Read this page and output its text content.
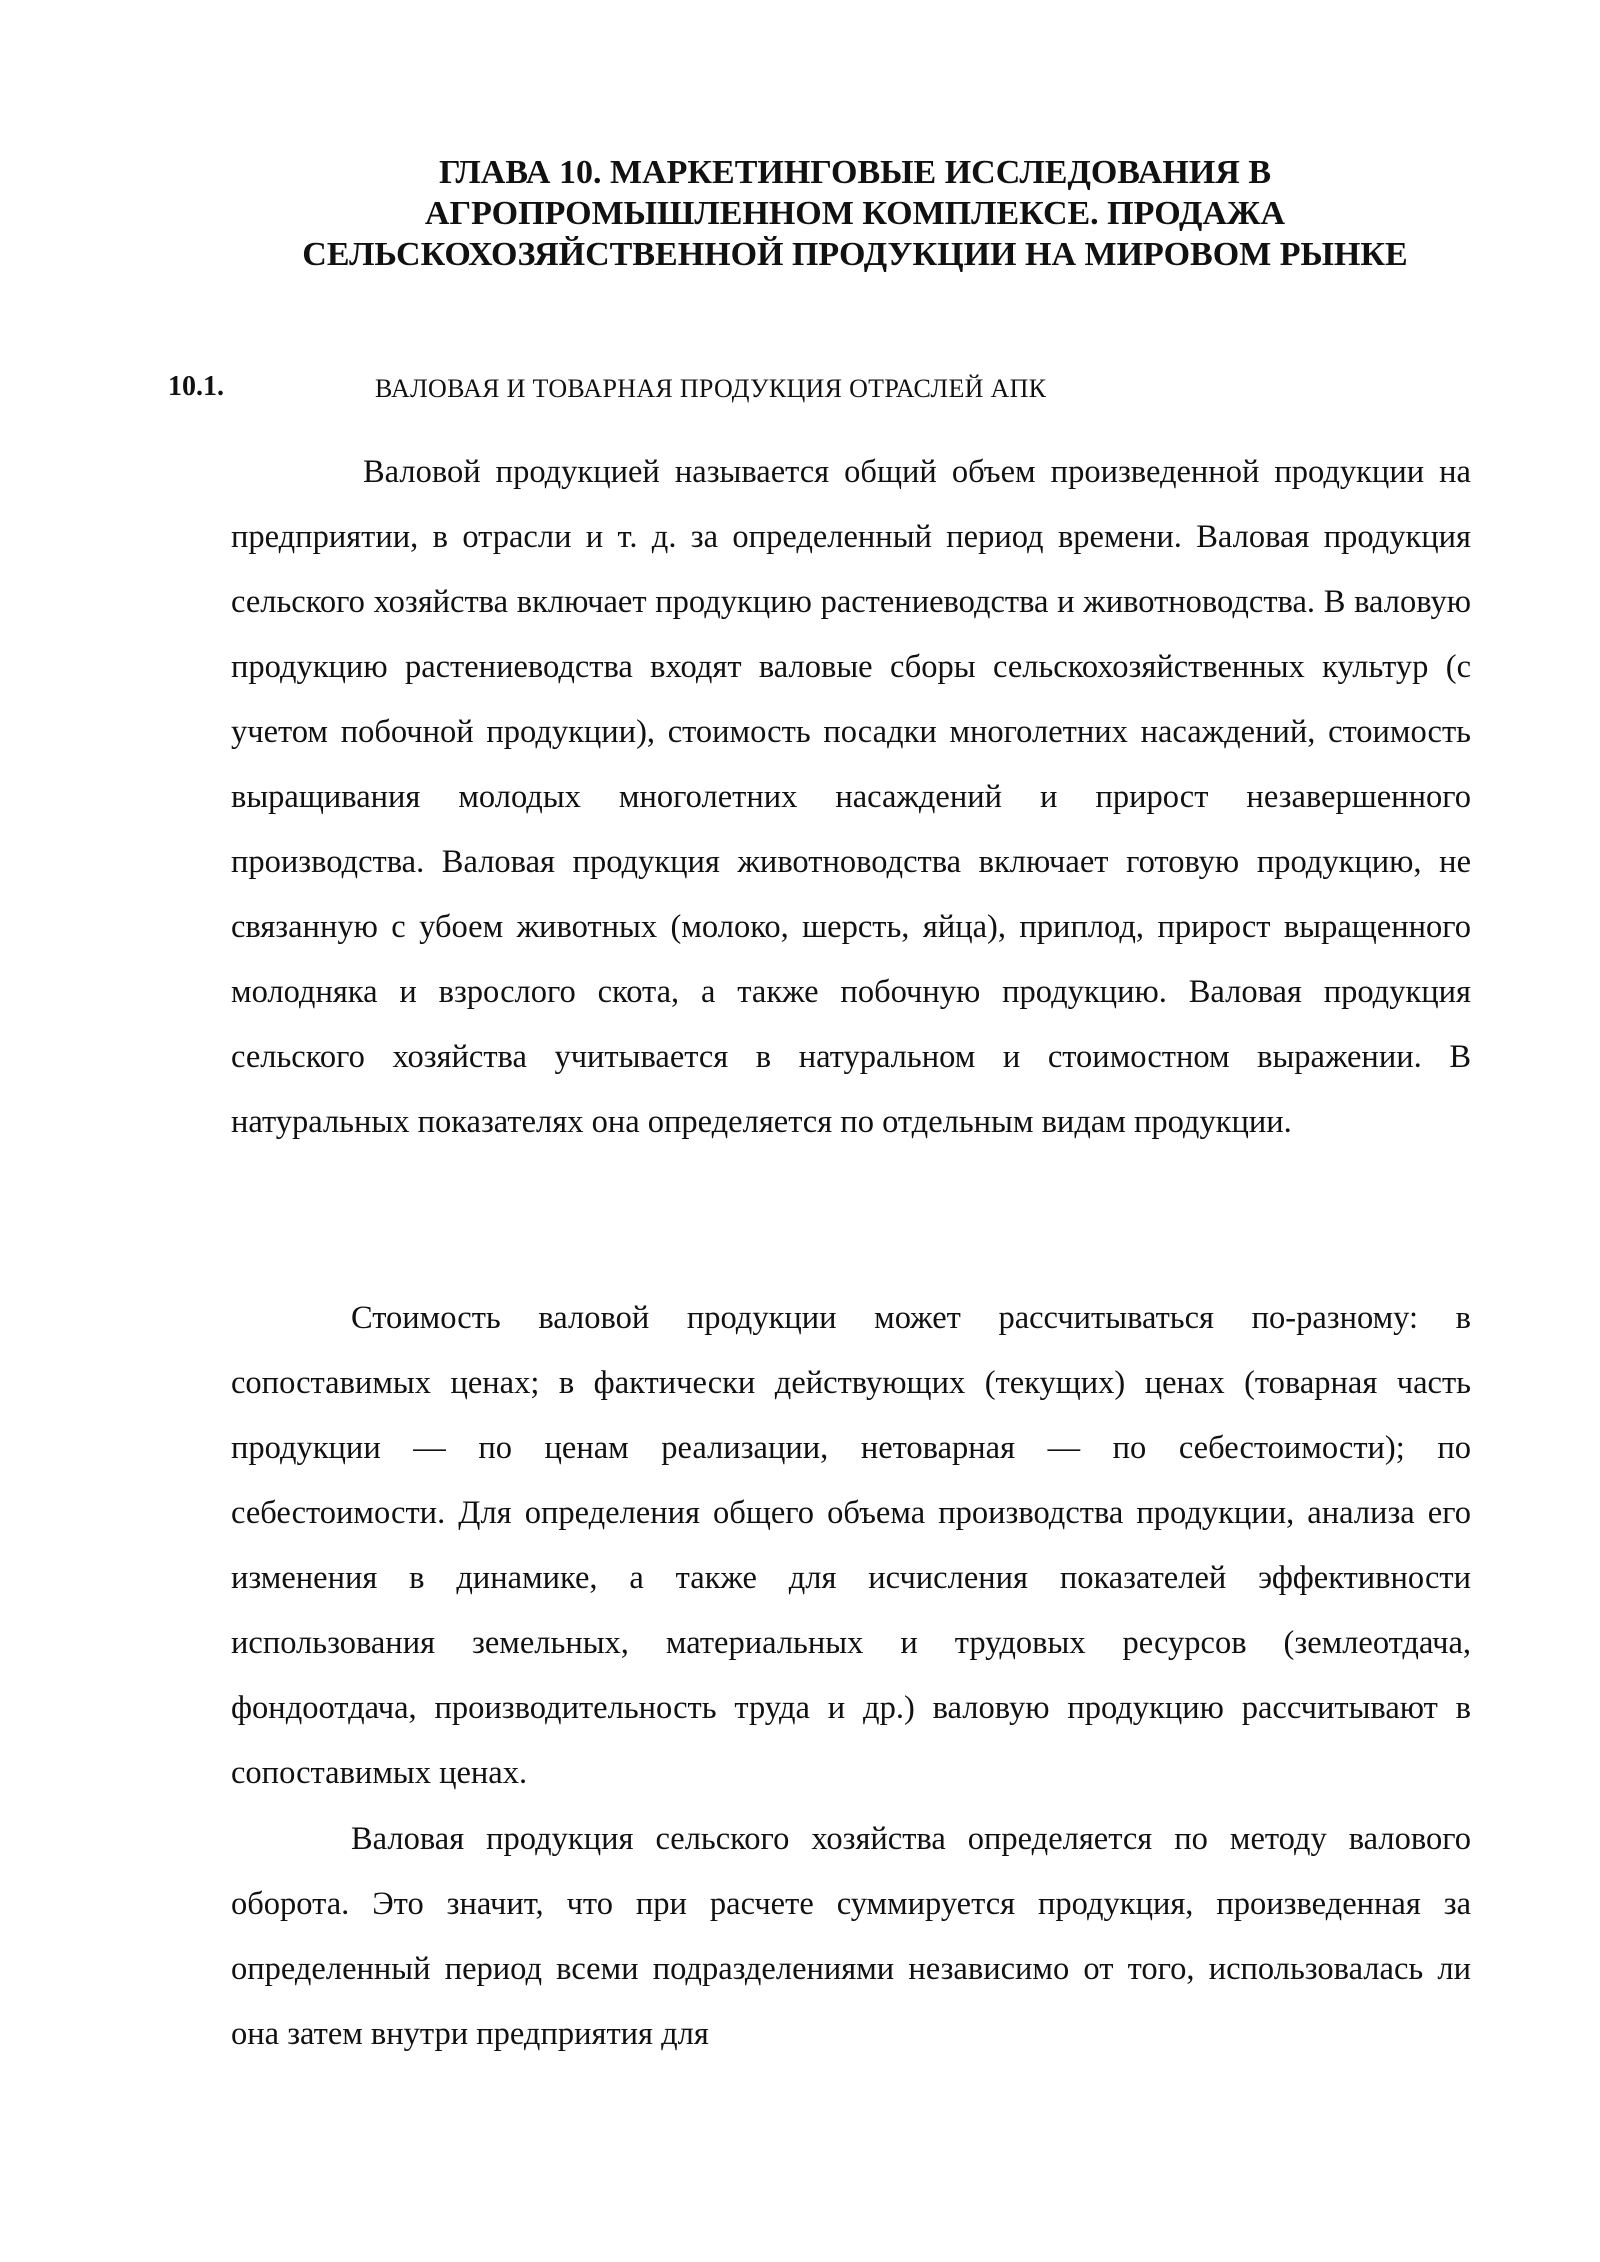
ГЛАВА 10. МАРКЕТИНГОВЫЕ ИССЛЕДОВАНИЯ В
АГРОПРОМЫШЛЕННОМ КОМПЛЕКСЕ. ПРОДАЖА
СЕЛЬСКОХОЗЯЙСТВЕННОЙ ПРОДУКЦИИ НА МИРОВОМ РЫНКЕ
10.1.	ВАЛОВАЯ И ТОВАРНАЯ ПРОДУКЦИЯ ОТРАСЛЕЙ АПК

Валовой продукцией называется общий объем произведенной продукции на предприятии, в отрасли и т. д. за определенный период времени. Валовая продукция сельского хозяйства включает продукцию растениеводства и животноводства. В валовую продукцию растениеводства входят валовые сборы сельскохозяйственных культур (с учетом побочной продукции), стоимость посадки многолетних насаждений, стоимость выращивания молодых многолетних насаждений и прирост незавершенного производства. Валовая продукция животноводства включает готовую продукцию, не связанную с убоем животных (молоко, шерсть, яйца), приплод, прирост выращенного молодняка и взрослого скота, а также побочную продукцию. Валовая продукция сельского хозяйства учитывается в натуральном и стоимостном выражении. В натуральных показателях она определяется по отдельным видам продукции.

Стоимость валовой продукции может рассчитываться по-разному: в сопоставимых ценах; в фактически действующих (текущих) ценах (товарная часть продукции — по ценам реализации, нетоварная — по себестоимости); по себестоимости. Для определения общего объема производства продукции, анализа его изменения в динамике, а также для исчисления показателей эффективности использования земельных, материальных и трудовых ресурсов (землеотдача, фондоотдача, производительность труда и др.) валовую продукцию рассчитывают в сопоставимых ценах.

Валовая продукция сельского хозяйства определяется по методу валового оборота. Это значит, что при расчете суммируется продукция, произведенная за определенный период всеми подразделениями независимо от того, использовалась ли она затем внутри предприятия для
